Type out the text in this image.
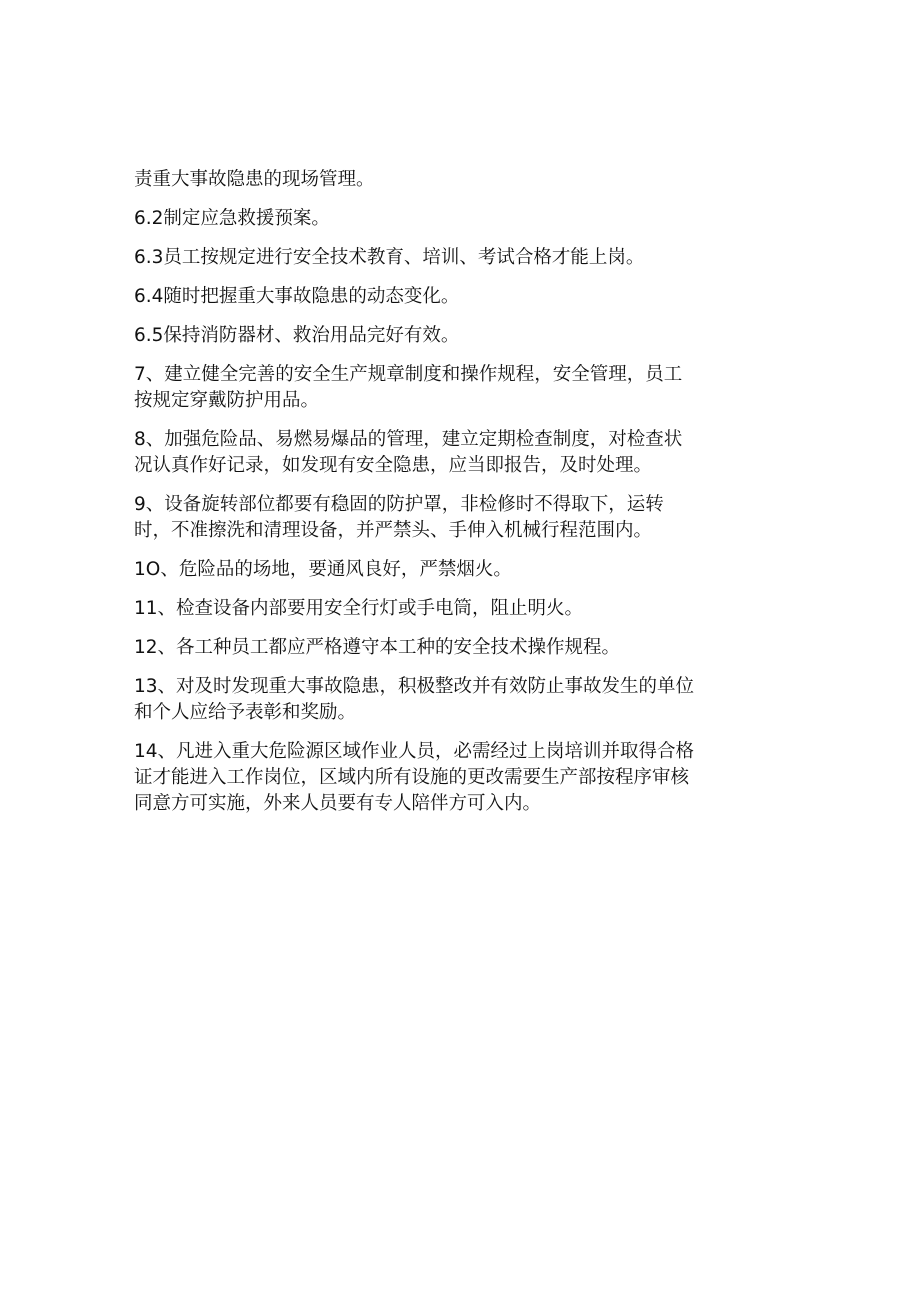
责重大事故隐患的现场管理。

6.2制定应急救援预案。

6.3员工按规定进行安全技术教育、培训、考试合格才能上岗。

6.4随时把握重大事故隐患的动态变化。

6.5保持消防器材、救治用品完好有效。

7、建立健全完善的安全生产规章制度和操作规程，安全管理，员工
按规定穿戴防护用品。

8、加强危险品、易燃易爆品的管理，建立定期检查制度，对检查状
况认真作好记录，如发现有安全隐患，应当即报告，及时处理。

9、设备旋转部位都要有稳固的防护罩，非检修时不得取下，运转
时，不准擦洗和清理设备，并严禁头、手伸入机械行程范围内。

1O、危险品的场地，要通风良好，严禁烟火。

11、检查设备内部要用安全行灯或手电筒，阻止明火。

12、各工种员工都应严格遵守本工种的安全技术操作规程。

13、对及时发现重大事故隐患，积极整改并有效防止事故发生的单位
和个人应给予表彰和奖励。

14、凡进入重大危险源区域作业人员，必需经过上岗培训并取得合格
证才能进入工作岗位，区域内所有设施的更改需要生产部按程序审核
同意方可实施，外来人员要有专人陪伴方可入内。
